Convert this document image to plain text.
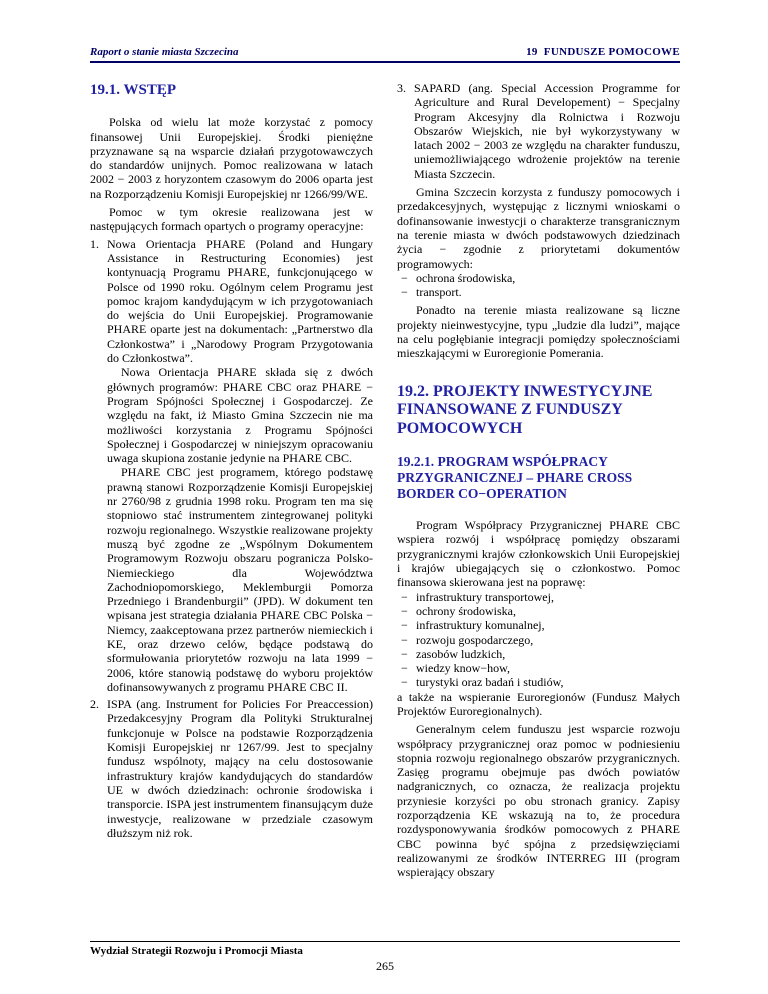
Raport o stanie miasta Szczecina	19  FUNDUSZE POMOCOWE
19.1. WSTĘP

Polska od wielu lat może korzystać z pomocy finansowej Unii Europejskiej. Środki pieniężne przyznawane są na wsparcie działań przygotowawczych do standardów unijnych. Pomoc realizowana w latach 2002 − 2003 z horyzontem czasowym do 2006 oparta jest na Rozporządzeniu Komisji Europejskiej nr 1266/99/WE.

Pomoc w tym okresie realizowana jest w następujących formach opartych o programy operacyjne:

1. Nowa Orientacja PHARE (Poland and Hungary Assistance in Restructuring Economies) jest kontynuacją Programu PHARE, funkcjonującego w Polsce od 1990 roku. Ogólnym celem Programu jest pomoc krajom kandydującym w ich przygotowaniach do wejścia do Unii Europejskiej. Programowanie PHARE oparte jest na dokumentach: „Partnerstwo dla Członkostwa” i „Narodowy Program Przygotowania do Członkostwa”.

Nowa Orientacja PHARE składa się z dwóch głównych programów: PHARE CBC oraz PHARE − Program Spójności Społecznej i Gospodarczej. Ze względu na fakt, iż Miasto Gmina Szczecin nie ma możliwości korzystania z Programu Spójności Społecznej i Gospodarczej w niniejszym opracowaniu uwaga skupiona zostanie jedynie na PHARE CBC.

PHARE CBC jest programem, którego podstawę prawną stanowi Rozporządzenie Komisji Europejskiej nr 2760/98 z grudnia 1998 roku. Program ten ma się stopniowo stać instrumentem zintegrowanej polityki rozwoju regionalnego. Wszystkie realizowane projekty muszą być zgodne ze „Wspólnym Dokumentem Programowym Rozwoju obszaru pogranicza Polsko-Niemieckiego dla Województwa Zachodniopomorskiego, Meklemburgii Pomorza Przedniego i Brandenburgii” (JPD). W dokument ten wpisana jest strategia działania PHARE CBC Polska − Niemcy, zaakceptowana przez partnerów niemieckich i KE, oraz drzewo celów, będące podstawą do sformułowania priorytetów rozwoju na lata 1999 − 2006, które stanowią podstawę do wyboru projektów dofinansowywanych z programu PHARE CBC II.

2. ISPA (ang. Instrument for Policies For Preaccession) Przedakcesyjny Program dla Polityki Strukturalnej funkcjonuje w Polsce na podstawie Rozporządzenia Komisji Europejskiej nr 1267/99. Jest to specjalny fundusz wspólnoty, mający na celu dostosowanie infrastruktury krajów kandydujących do standardów UE w dwóch dziedzinach: ochronie środowiska i transporcie. ISPA jest instrumentem finansującym duże inwestycje, realizowane w przedziale czasowym dłuższym niż rok.

3. SAPARD (ang. Special Accession Programme for Agriculture and Rural Developement) − Specjalny Program Akcesyjny dla Rolnictwa i Rozwoju Obszarów Wiejskich, nie był wykorzystywany w latach 2002 − 2003 ze względu na charakter funduszu, uniemożliwiającego wdrożenie projektów na terenie Miasta Szczecin.

Gmina Szczecin korzysta z funduszy pomocowych i przedakcesyjnych, występując z licznymi wnioskami o dofinansowanie inwestycji o charakterze transgranicznym na terenie miasta w dwóch podstawowych dziedzinach życia − zgodnie z priorytetami dokumentów programowych:

− ochrona środowiska,
− transport.

Ponadto na terenie miasta realizowane są liczne projekty nieinwestycyjne, typu „ludzie dla ludzi”, mające na celu pogłębianie integracji pomiędzy społecznościami mieszkającymi w Euroregionie Pomerania.

19.2. PROJEKTY INWESTYCYJNE FINANSOWANE Z FUNDUSZY POMOCOWYCH
19.2.1. PROGRAM WSPÓŁPRACY PRZYGRANICZNEJ – PHARE CROSS BORDER CO−OPERATION

Program Współpracy Przygranicznej PHARE CBC wspiera rozwój i współpracę pomiędzy obszarami przygranicznymi krajów członkowskich Unii Europejskiej i krajów ubiegających się o członkostwo. Pomoc finansowa skierowana jest na poprawę:

− infrastruktury transportowej,
− ochrony środowiska,
− infrastruktury komunalnej,
− rozwoju gospodarczego,
− zasobów ludzkich,
− wiedzy know−how,
− turystyki oraz badań i studiów,

a także na wspieranie Euroregionów (Fundusz Małych Projektów Euroregionalnych).

Generalnym celem funduszu jest wsparcie rozwoju współpracy przygranicznej oraz pomoc w podniesieniu stopnia rozwoju regionalnego obszarów przygranicznych. Zasięg programu obejmuje pas dwóch powiatów nadgranicznych, co oznacza, że realizacja projektu przyniesie korzyści po obu stronach granicy. Zapisy rozporządzenia KE wskazują na to, że procedura rozdysponowywania środków pomocowych z PHARE CBC powinna być spójna z przedsięwzięciami realizowanymi ze środków INTERREG III (program wspierający obszary

Wydział Strategii Rozwoju i Promocji Miasta
265
